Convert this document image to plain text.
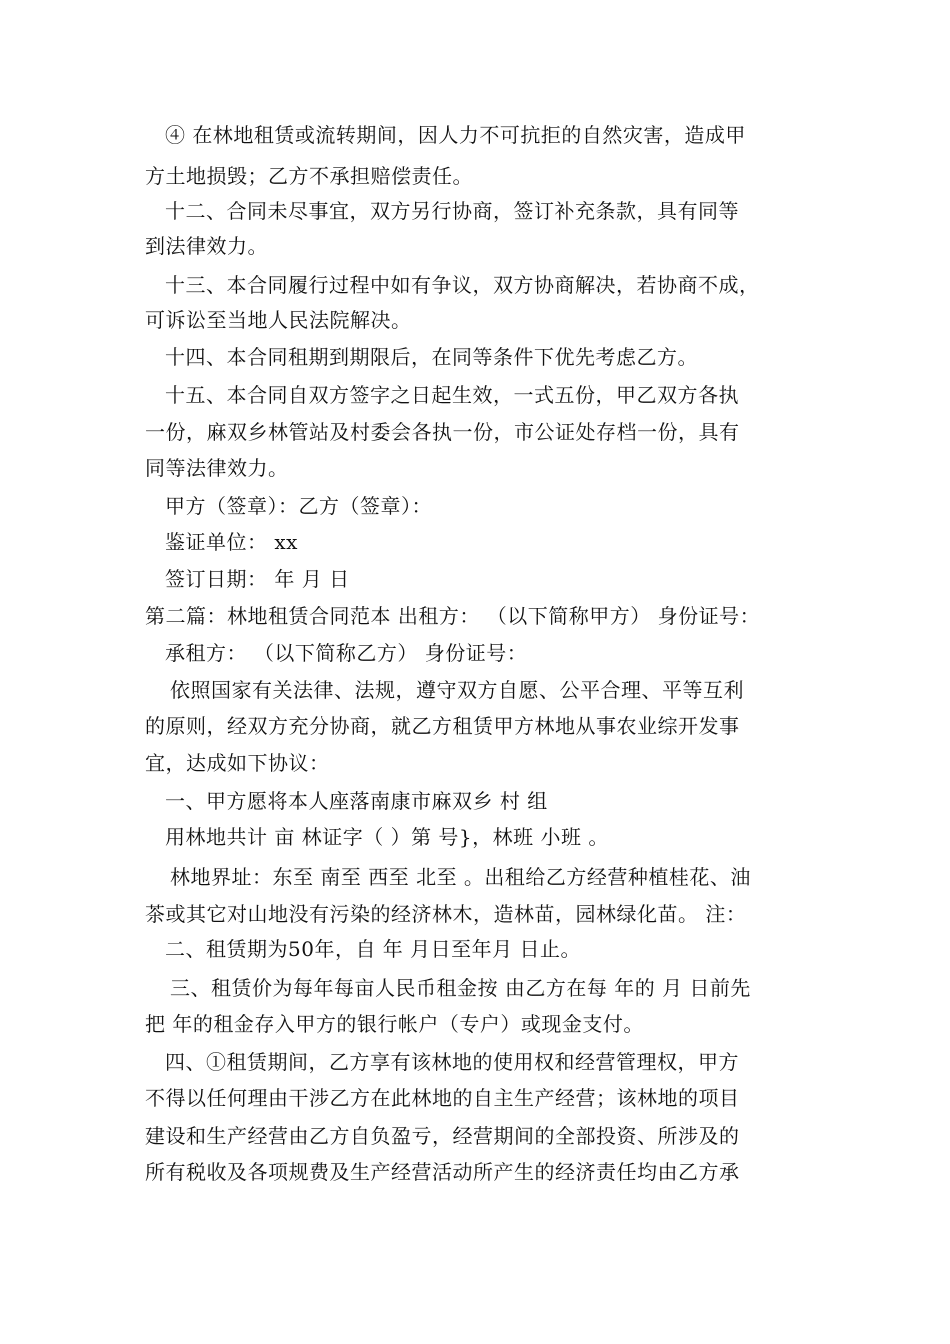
④ 在林地租赁或流转期间，因人力不可抗拒的自然灾害，造成甲
方土地损毁；乙方不承担赔偿责任。
十二、合同未尽事宜，双方另行协商，签订补充条款，具有同等
到法律效力。
十三、本合同履行过程中如有争议，双方协商解决，若协商不成，
可诉讼至当地人民法院解决。
十四、本合同租期到期限后，在同等条件下优先考虑乙方。
十五、本合同自双方签字之日起生效，一式五份，甲乙双方各执
一份，麻双乡林管站及村委会各执一份，市公证处存档一份，具有
同等法律效力。
甲方（签章）：乙方（签章）：
鉴证单位： xx
签订日期： 年 月 日
第二篇：林地租赁合同范本 出租方： （以下简称甲方） 身份证号：
承租方： （以下简称乙方） 身份证号：
依照国家有关法律、法规，遵守双方自愿、公平合理、平等互利
的原则，经双方充分协商，就乙方租赁甲方林地从事农业综开发事
宜，达成如下协议：
一、甲方愿将本人座落南康市麻双乡 村 组
用林地共计 亩 林证字（ ）第 号}，林班 小班 。
林地界址：东至 南至 西至 北至 。出租给乙方经营种植桂花、油
茶或其它对山地没有污染的经济林木，造林苗，园林绿化苗。 注：
二、租赁期为50年，自 年 月日至年月 日止。
三、租赁价为每年每亩人民币租金按 由乙方在每 年的 月 日前先
把 年的租金存入甲方的银行帐户（专户）或现金支付。
四、①租赁期间，乙方享有该林地的使用权和经营管理权，甲方
不得以任何理由干涉乙方在此林地的自主生产经营；该林地的项目
建设和生产经营由乙方自负盈亏，经营期间的全部投资、所涉及的
所有税收及各项规费及生产经营活动所产生的经济责任均由乙方承
